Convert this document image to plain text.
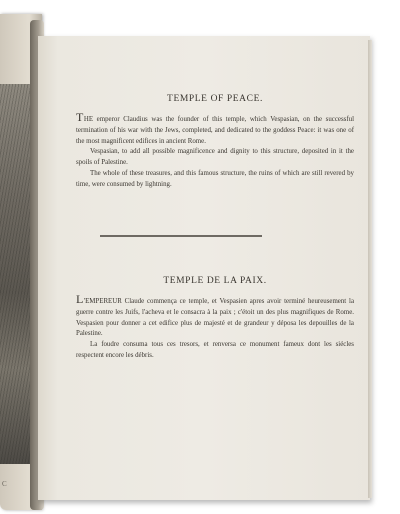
C
TEMPLE OF PEACE.

THE emperor Claudius was the founder of this temple, which Vespasian, on the successful termination of his war with the Jews, completed, and dedicated to the goddess Peace: it was one of the most magnificent edifices in ancient Rome.

Vespasian, to add all possible magnificence and dignity to this structure, deposited in it the spoils of Palestine.

The whole of these treasures, and this famous structure, the ruins of which are still revered by time, were consumed by lightning.

TEMPLE DE LA PAIX.

L'EMPEREUR Claude commença ce temple, et Vespasien apres avoir terminé heureusement la guerre contre les Juifs, l'acheva et le consacra à la paix ; c'étoit un des plus magnifiques de Rome. Vespasien pour donner a cet edifice plus de majesté et de grandeur y déposa les depouilles de la Palestine.

La foudre consuma tous ces tresors, et renversa ce monument fameux dont les siécles respectent encore les débris.
